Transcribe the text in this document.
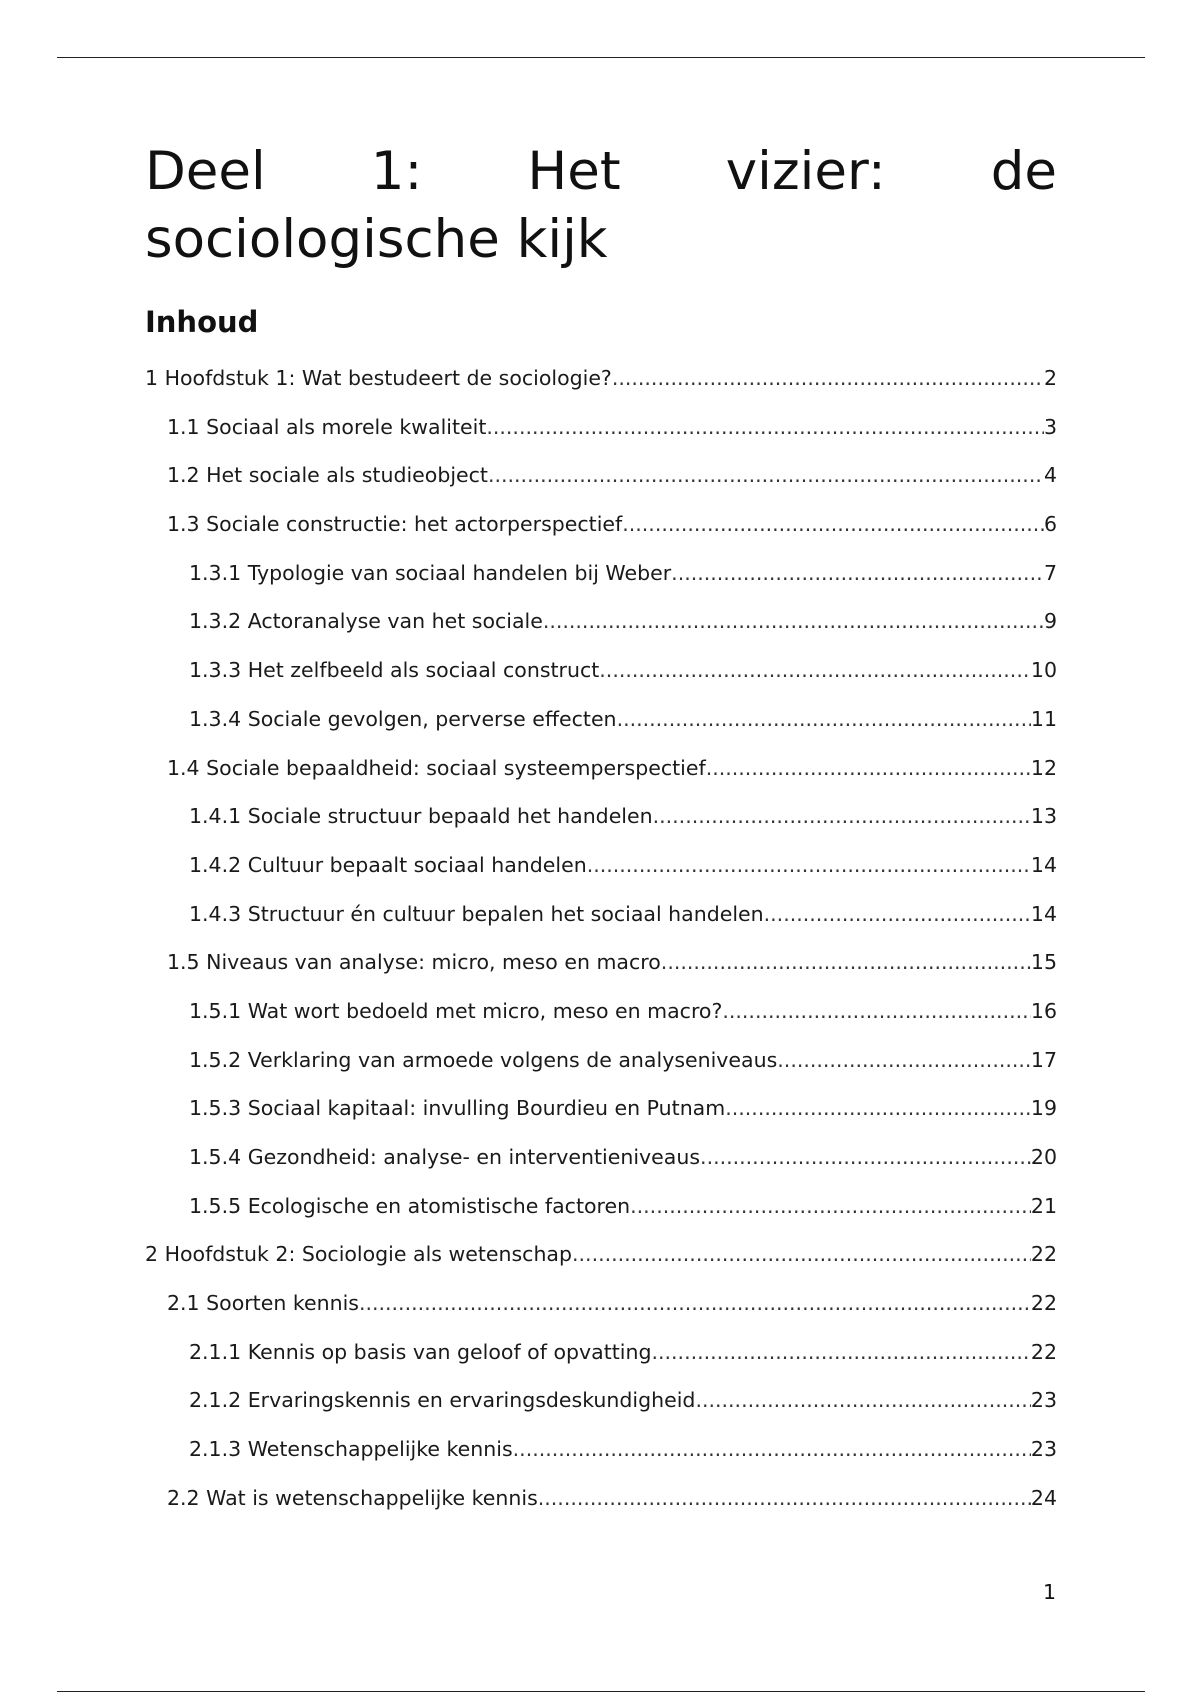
Deel 1: Het vizier: de sociologische kijk
Inhoud
1 Hoofdstuk 1: Wat bestudeert de sociologie? .....	2
1.1 Sociaal als morele kwaliteit .....	3
1.2 Het sociale als studieobject .....	4
1.3 Sociale constructie: het actorperspectief .....	6
1.3.1 Typologie van sociaal handelen bij Weber .....	7
1.3.2 Actoranalyse van het sociale .....	9
1.3.3 Het zelfbeeld als sociaal construct .....	10
1.3.4 Sociale gevolgen, perverse effecten .....	11
1.4 Sociale bepaaldheid: sociaal systeemperspectief .....	12
1.4.1 Sociale structuur bepaald het handelen .....	13
1.4.2 Cultuur bepaalt sociaal handelen .....	14
1.4.3 Structuur én cultuur bepalen het sociaal handelen .....	14
1.5 Niveaus van analyse: micro, meso en macro .....	15
1.5.1 Wat wort bedoeld met micro, meso en macro? .....	16
1.5.2 Verklaring van armoede volgens de analyseniveaus .....	17
1.5.3 Sociaal kapitaal: invulling Bourdieu en Putnam .....	19
1.5.4 Gezondheid: analyse- en interventieniveaus .....	20
1.5.5 Ecologische en atomistische factoren .....	21
2 Hoofdstuk 2: Sociologie als wetenschap .....	22
2.1 Soorten kennis .....	22
2.1.1 Kennis op basis van geloof of opvatting .....	22
2.1.2 Ervaringskennis en ervaringsdeskundigheid .....	23
2.1.3 Wetenschappelijke kennis .....	23
2.2 Wat is wetenschappelijke kennis .....	24
1
